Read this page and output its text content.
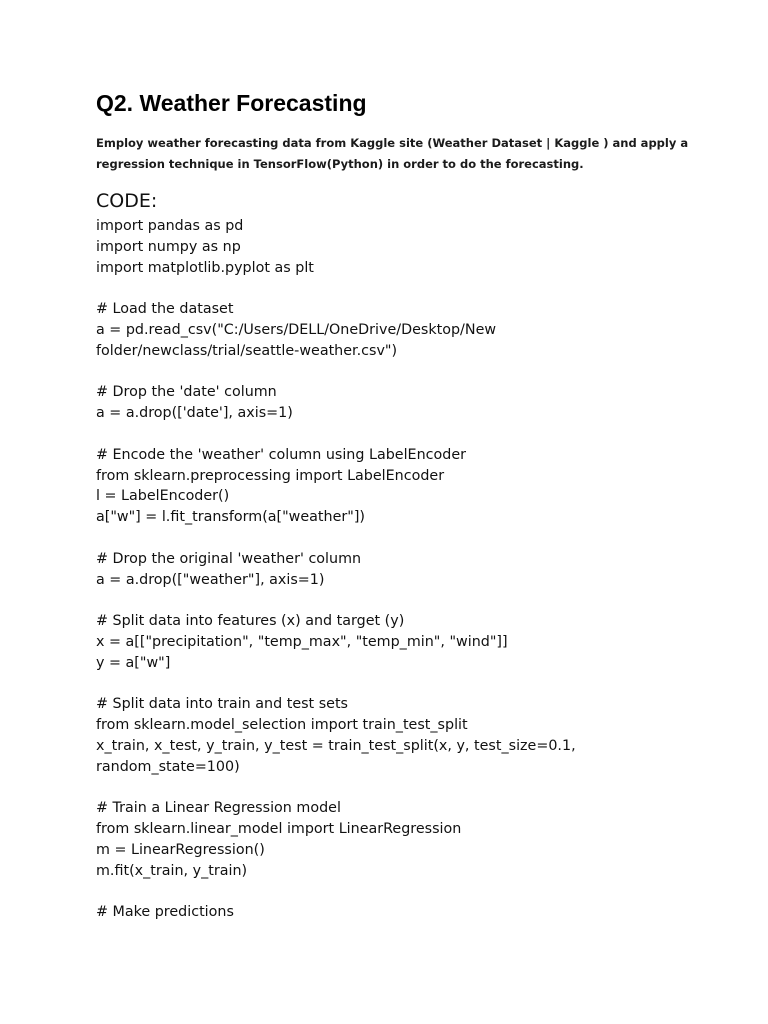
Q2. Weather Forecasting

Employ weather forecasting data from Kaggle site (Weather Dataset | Kaggle ) and apply a
regression technique in TensorFlow(Python) in order to do the forecasting.

CODE:
import pandas as pd
import numpy as np
import matplotlib.pyplot as plt
# Load the dataset
a = pd.read_csv("C:/Users/DELL/OneDrive/Desktop/New
folder/newclass/trial/seattle-weather.csv")
# Drop the 'date' column
a = a.drop(['date'], axis=1)
# Encode the 'weather' column using LabelEncoder
from sklearn.preprocessing import LabelEncoder
l = LabelEncoder()
a["w"] = l.fit_transform(a["weather"])
# Drop the original 'weather' column
a = a.drop(["weather"], axis=1)
# Split data into features (x) and target (y)
x = a[["precipitation", "temp_max", "temp_min", "wind"]]
y = a["w"]
# Split data into train and test sets
from sklearn.model_selection import train_test_split
x_train, x_test, y_train, y_test = train_test_split(x, y, test_size=0.1,
random_state=100)
# Train a Linear Regression model
from sklearn.linear_model import LinearRegression
m = LinearRegression()
m.fit(x_train, y_train)
# Make predictions
